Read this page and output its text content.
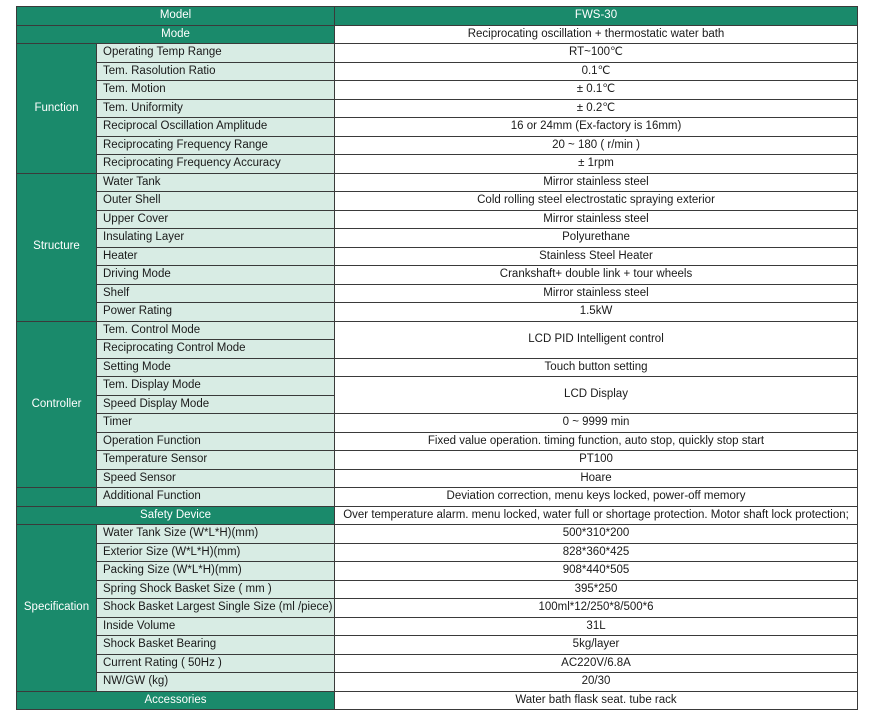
Model		FWS-30
Mode		Reciprocating oscillation + thermostatic water bath
Function	Operating Temp Range	RT~100℃
	Tem. Rasolution Ratio	0.1℃
	Tem. Motion	± 0.1℃
	Tem. Uniformity	± 0.2℃
	Reciprocal Oscillation Amplitude	16 or 24mm (Ex-factory is 16mm)
	Reciprocating Frequency Range	20 ~ 180 ( r/min )
	Reciprocating Frequency Accuracy	± 1rpm
Structure	Water Tank	Mirror stainless steel
	Outer Shell	Cold rolling steel electrostatic spraying exterior
	Upper Cover	Mirror stainless steel
	Insulating Layer	Polyurethane
	Heater	Stainless Steel Heater
	Driving Mode	Crankshaft+ double link + tour wheels
	Shelf	Mirror stainless steel
	Power Rating	1.5kW
Controller	Tem. Control Mode	LCD PID Intelligent control
	Reciprocating Control Mode	
	Setting Mode	Touch button setting
	Tem. Display Mode	LCD Display
	Speed Display Mode	
	Timer	0 ~ 9999 min
	Operation Function	Fixed value operation. timing function, auto stop, quickly stop start
	Temperature Sensor	PT100
	Speed Sensor	Hoare
	Additional Function	Deviation correction, menu keys locked, power-off memory
Safety Device		Over temperature alarm. menu locked, water full or shortage protection. Motor shaft lock protection;
Specification	Water Tank Size (W*L*H)(mm)	500*310*200
	Exterior Size (W*L*H)(mm)	828*360*425
	Packing Size (W*L*H)(mm)	908*440*505
	Spring Shock Basket Size ( mm )	395*250
	Shock Basket Largest Single Size (ml /piece)	100ml*12/250*8/500*6
	Inside Volume	31L
	Shock Basket Bearing	5kg/layer
	Current Rating ( 50Hz )	AC220V/6.8A
	NW/GW (kg)	20/30
Accessories		Water bath flask seat. tube rack
